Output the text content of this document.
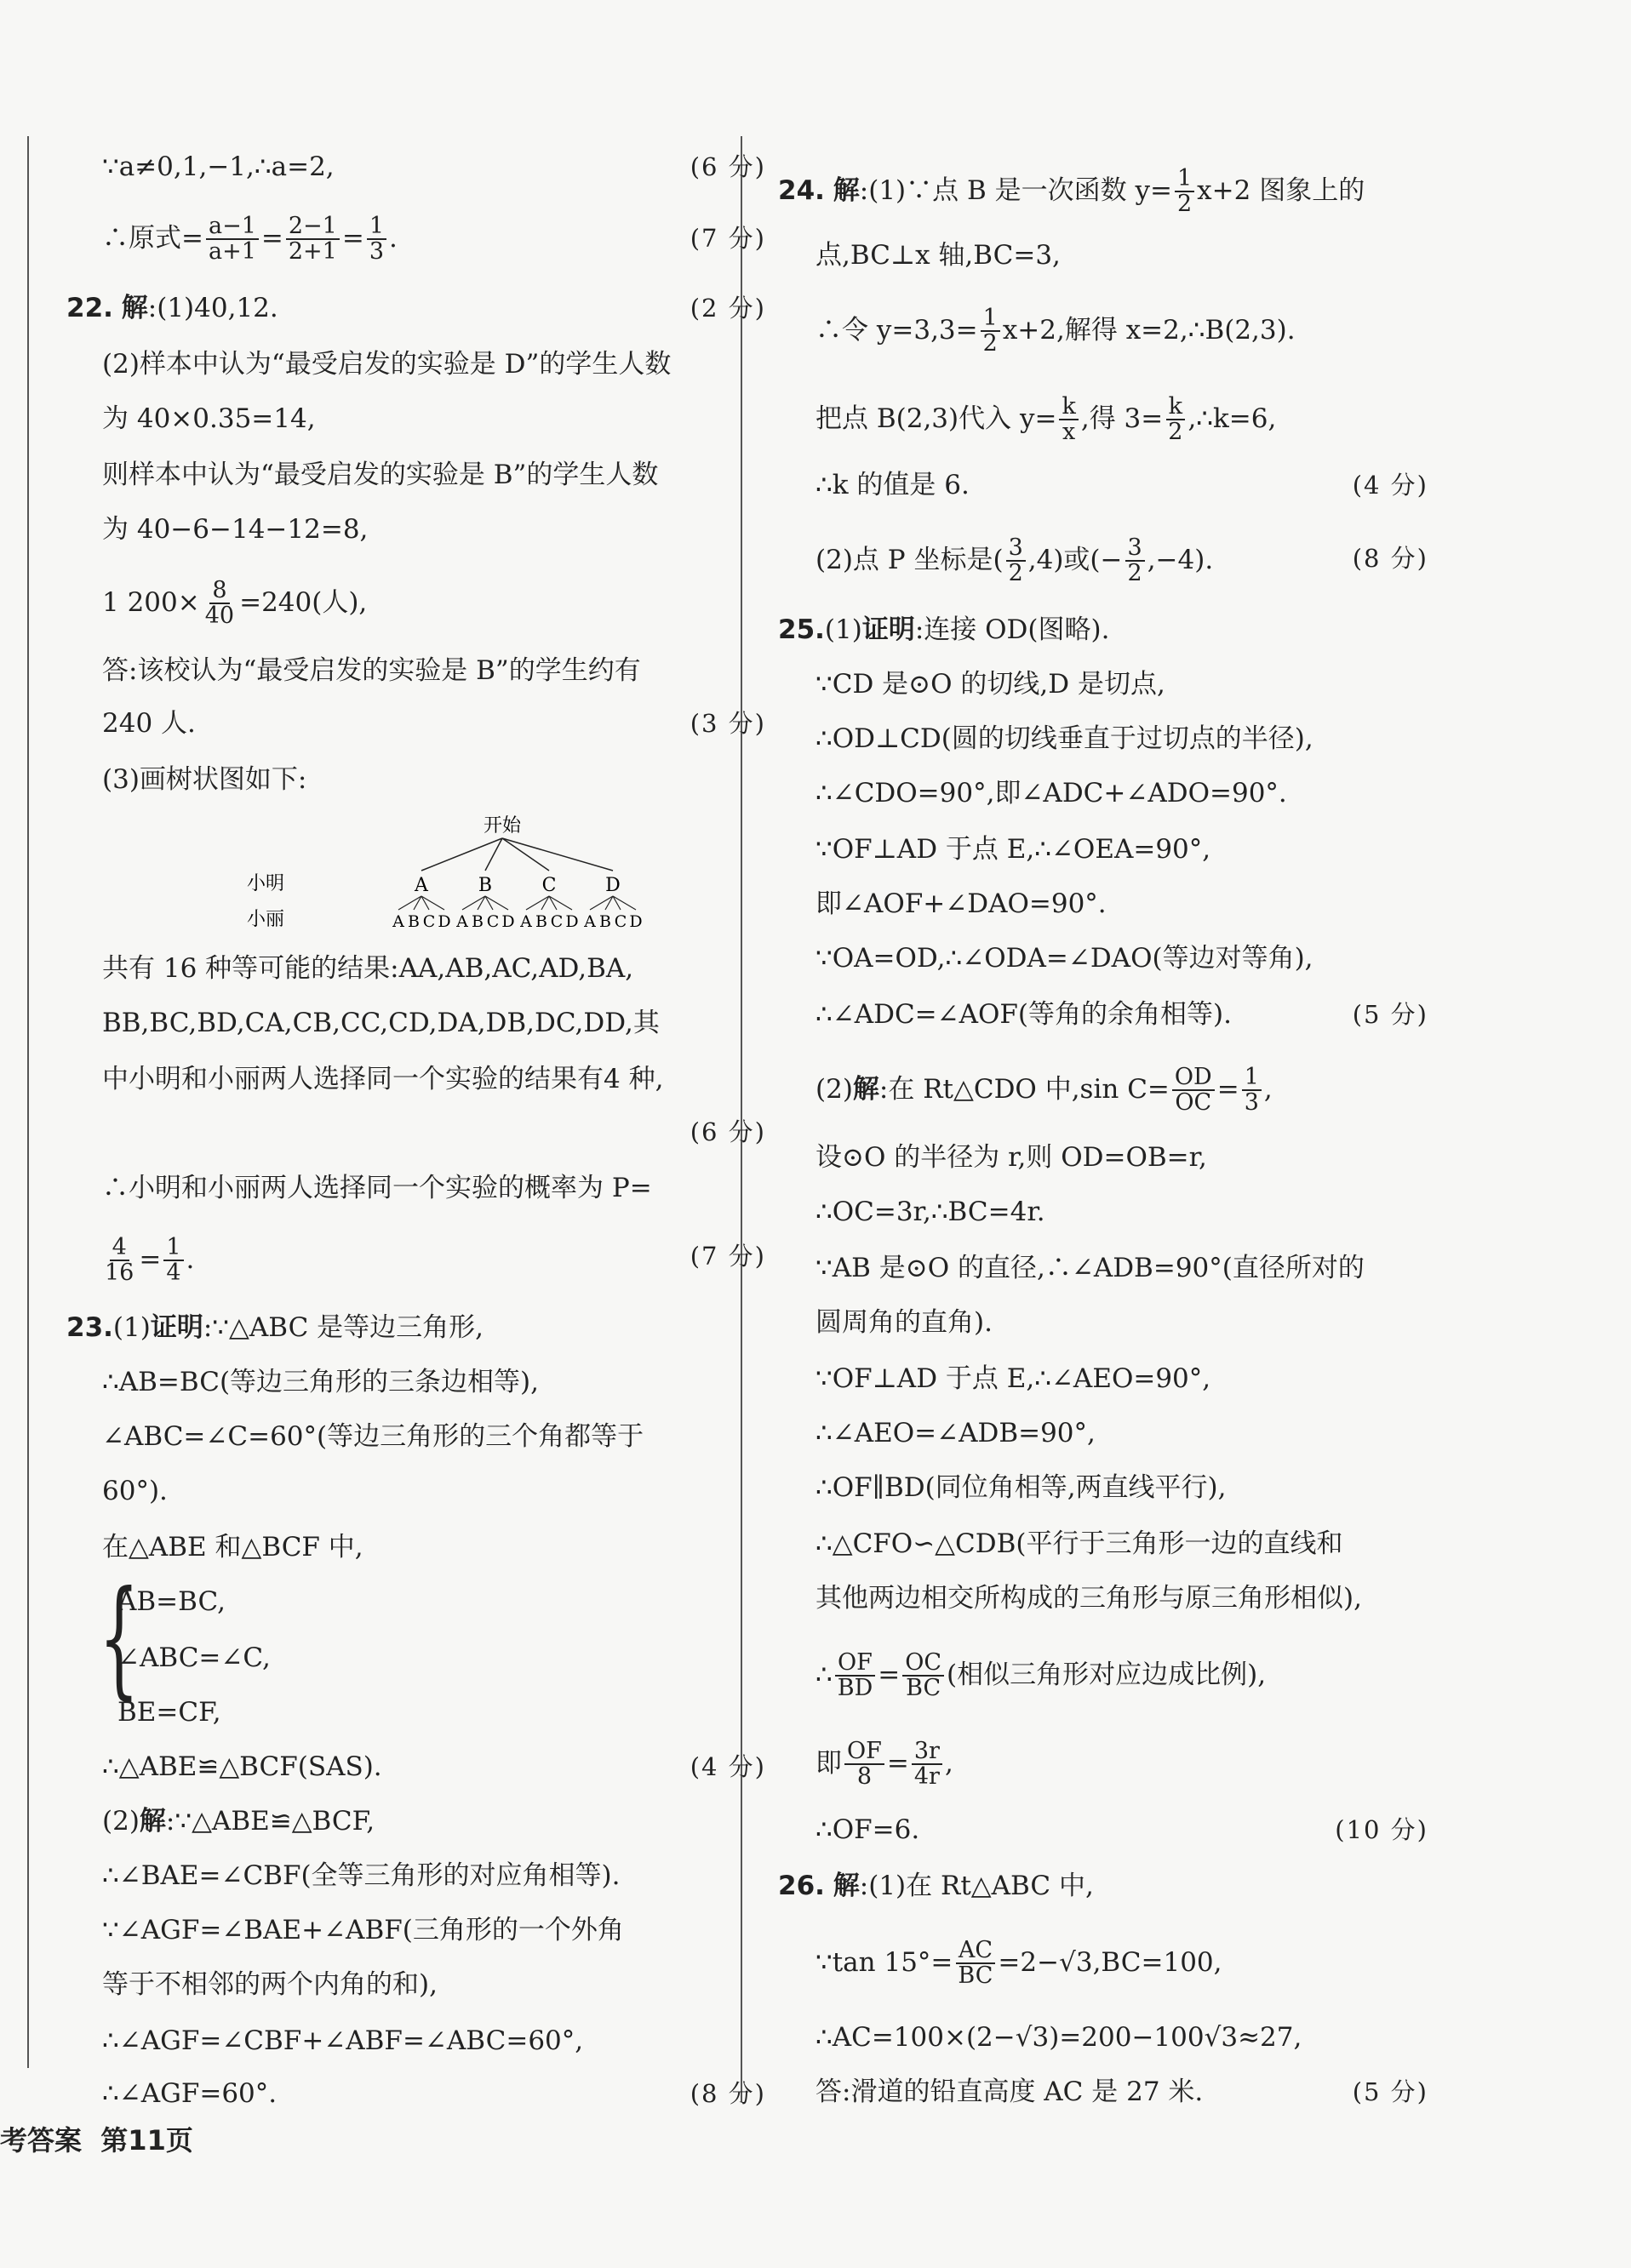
∵a≠0,1,−1,∴a=2,	(6 分)
∴原式= $\frac{a-1}{a+1} = \frac{2-1}{2+1} = \frac{1}{3}$ .	(7 分)
22. 解:(1)40,12.	(2 分)
(2)样本中认为“最受启发的实验是 D”的学生人数
为 40×0.35=14,
则样本中认为“最受启发的实验是 B”的学生人数
为 40−6−14−12=8,
1 $200\times \frac{8}{40} =240$(人),
答:该校认为“最受启发的实验是 B”的学生约有
240 人.	(3 分)
(3)画树状图如下:
开始
小明
小丽
A	B	C	D
A B C D A B C D A B C D A B C D
共有 16 种等可能的结果:AA,AB,AC,AD,BA,
BB,BC,BD,CA,CB,CC,CD,DA,DB,DC,DD,其
中小明和小丽两人选择同一个实验的结果有4 种,
(6 分)
∴小明和小丽两人选择同一个实验的概率为 P=
$\frac{4}{16} = \frac{1}{4}$ .	(7 分)
23.(1)证明:∵△ABC 是等边三角形,
∴AB=BC(等边三角形的三条边相等),
∠ABC=∠C=60°(等边三角形的三个角都等于
60°).
在△ABE 和△BCF 中,
{
AB=BC,
∠ABC=∠C,
BE=CF,
∴△ABE≌△BCF(SAS).	(4 分)
(2)解:∵△ABE≌△BCF,
∴∠BAE=∠CBF(全等三角形的对应角相等).
∵∠AGF=∠BAE+∠ABF(三角形的一个外角
等于不相邻的两个内角的和),
∴∠AGF=∠CBF+∠ABF=∠ABC=60°,
∴∠AGF=60°.	(8 分)
24. 解:(1)∵点 B 是一次函数 $y= \frac{1}{2} x+2$ 图象上的
点,BC⊥x 轴,BC=3,
∴令 $y=3,3= \frac{1}{2} x+2$,解得 x=2,∴B(2,3).
把点 B(2,3)代入 $y= \frac{k}{x}$ ,得 $3= \frac{k}{2}$ ,∴k=6,
∴k 的值是 6.	(4 分)
(2)点 P 坐标是( $\frac{3}{2} ,4$)或(− $\frac{3}{2} ,-4$).	(8 分)
25.(1)证明:连接 OD(图略).
∵CD 是⊙O 的切线,D 是切点,
∴OD⊥CD(圆的切线垂直于过切点的半径),
∴∠CDO=90°,即∠ADC+∠ADO=90°.
∵OF⊥AD 于点 E,∴∠OEA=90°,
即∠AOF+∠DAO=90°.
∵OA=OD,∴∠ODA=∠DAO(等边对等角),
∴∠ADC=∠AOF(等角的余角相等).	(5 分)
(2)解:在 Rt△CDO 中,sin $C= \frac{OD}{OC} = \frac{1}{3}$ ,
设⊙O 的半径为 r,则 OD=OB=r,
∴OC=3r,∴BC=4r.
∵AB 是⊙O 的直径,∴∠ADB=90°(直径所对的
圆周角的直角).
∵OF⊥AD 于点 E,∴∠AEO=90°,
∴∠AEO=∠ADB=90°,
∴OF∥BD(同位角相等,两直线平行),
∴△CFO∽△CDB(平行于三角形一边的直线和
其他两边相交所构成的三角形与原三角形相似),
∴ $\frac{OF}{BD} = \frac{OC}{BC}$ (相似三角形对应边成比例),
即 $\frac{OF}{8} = \frac{3r}{4r}$ ,
∴OF=6.	(10 分)
26. 解:(1)在 Rt△ABC 中,
∵tan $15^\circ= \frac{AC}{BC} =2-√3,BC=100$,
∴AC=100×(2−√3)=200−100√3≈27,
答:滑道的铅直高度 AC 是 27 米.	(5 分)
考答案 第11页
